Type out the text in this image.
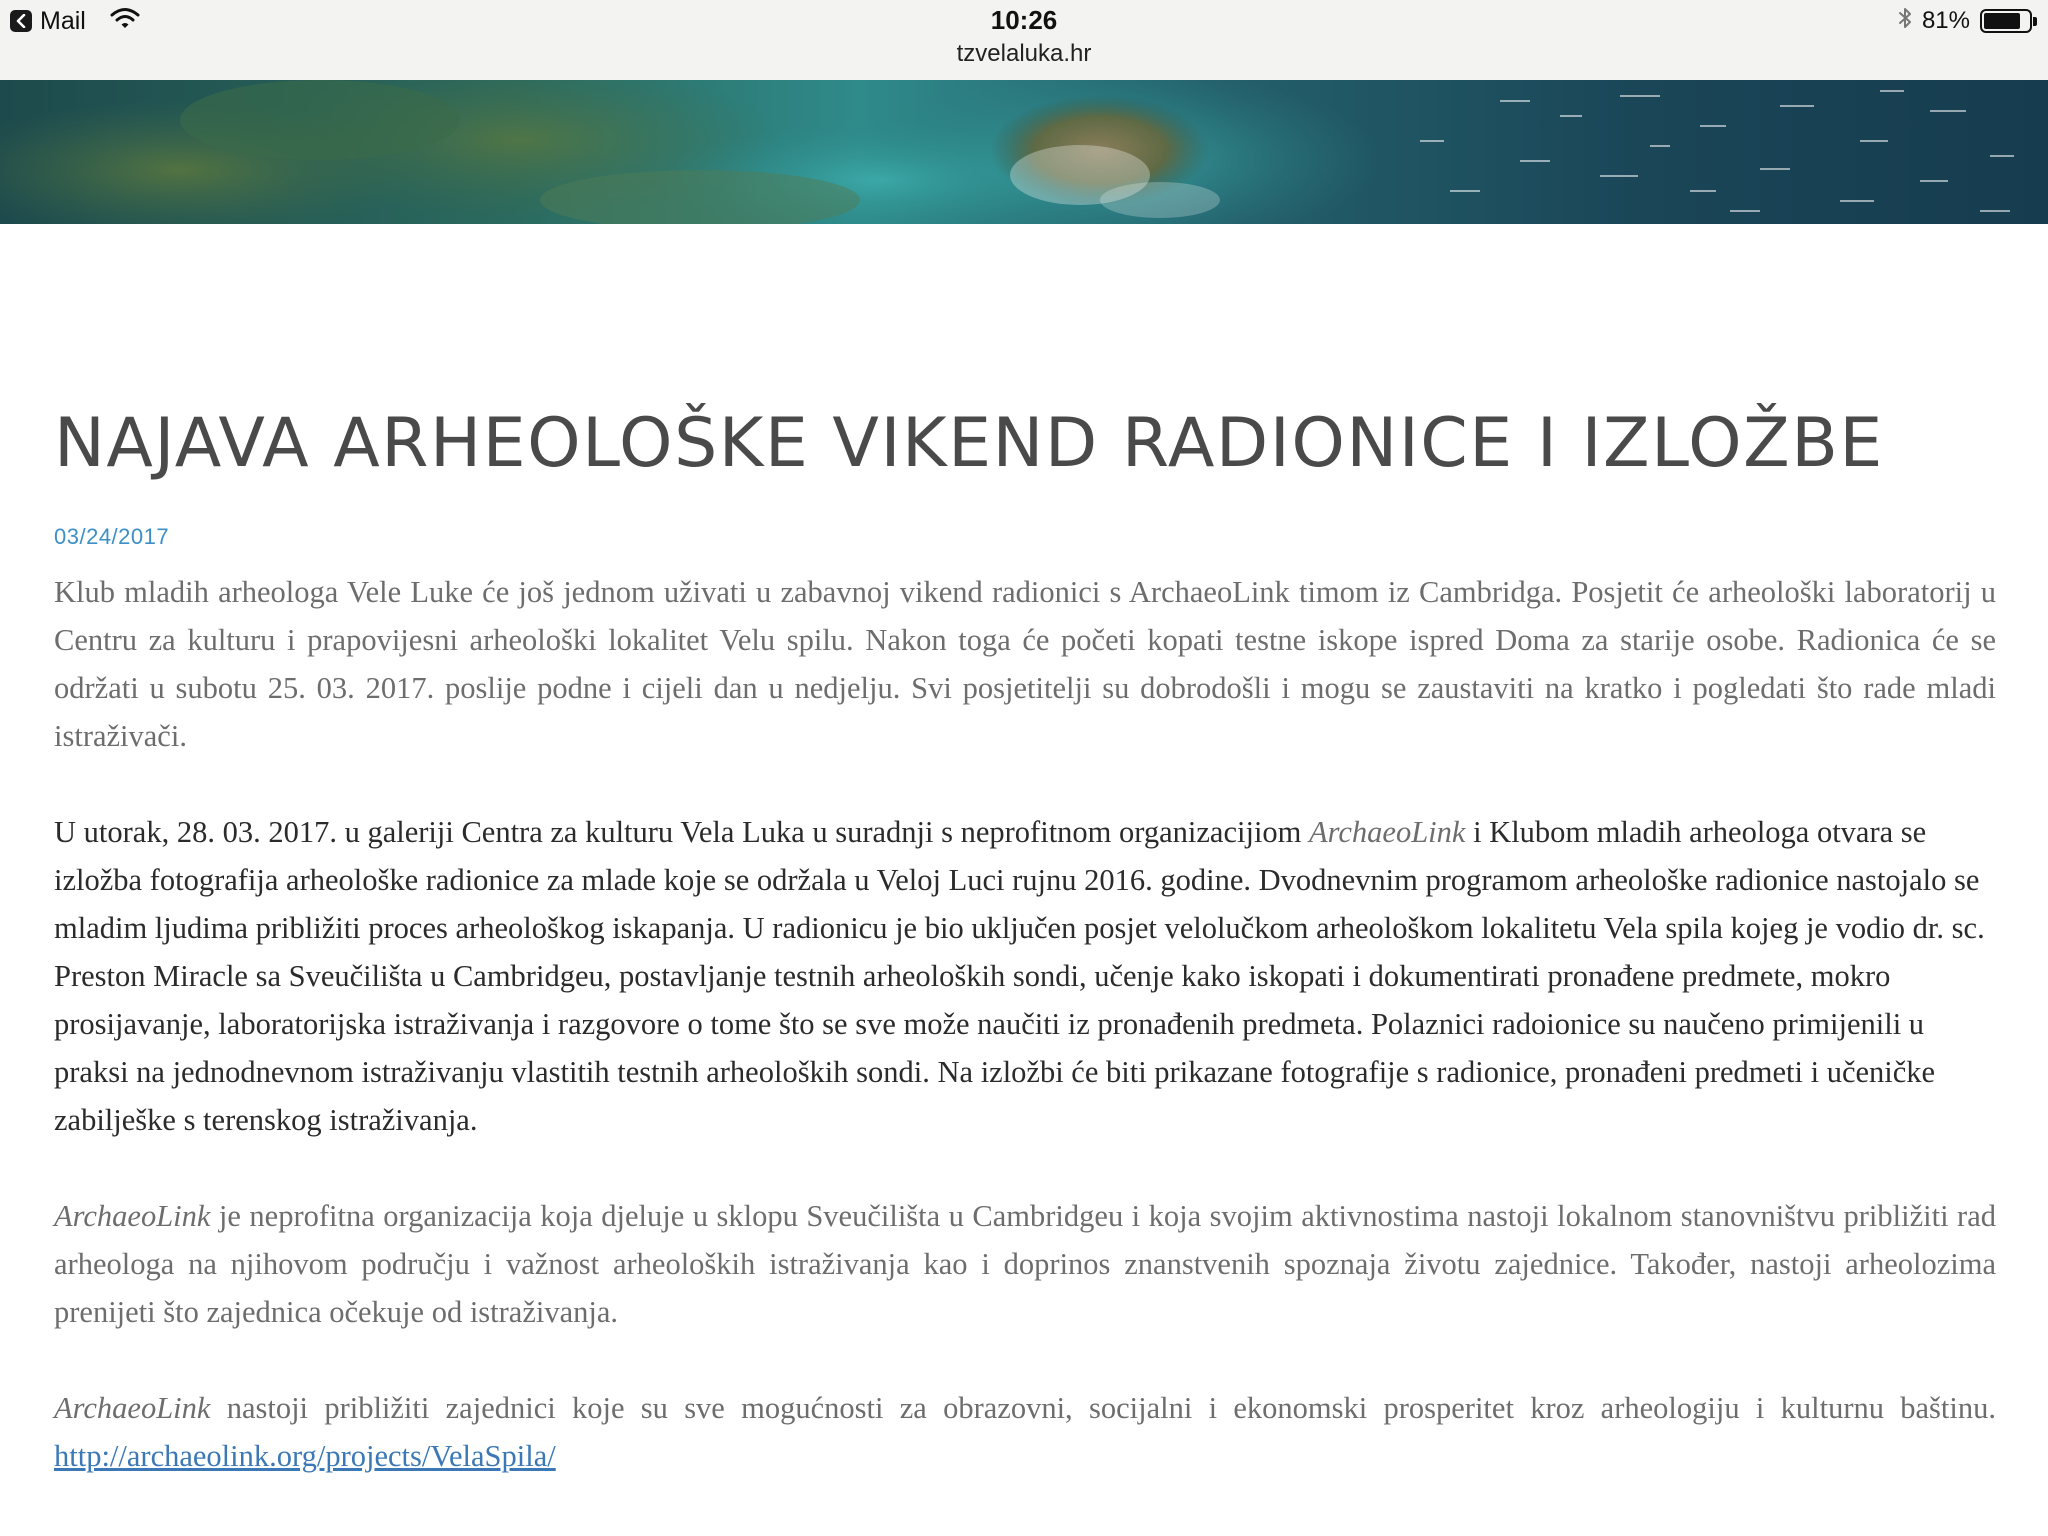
Mail	10:26
tzvelaluka.hr
81%
NAJAVA ARHEOLOŠKE VIKEND RADIONICE I IZLOŽBE
03/24/2017

Klub mladih arheologa Vele Luke će još jednom uživati u zabavnoj vikend radionici s ArchaeoLink timom iz Cambridga. Posjetit će arheološki laboratorij u Centru za kulturu i prapovijesni arheološki lokalitet Velu spilu. Nakon toga će početi kopati testne iskope ispred Doma za starije osobe. Radionica će se održati u subotu 25. 03. 2017. poslije podne i cijeli dan u nedjelju. Svi posjetitelji su dobrodošli i mogu se zaustaviti na kratko i pogledati što rade mladi istraživači.

U utorak, 28. 03. 2017. u galeriji Centra za kulturu Vela Luka u suradnji s neprofitnom organizacijiom ArchaeoLink i Klubom mladih arheologa otvara se izložba fotografija arheološke radionice za mlade koje se održala u Veloj Luci rujnu 2016. godine. Dvodnevnim programom arheološke radionice nastojalo se mladim ljudima približiti proces arheološkog iskapanja. U radionicu je bio uključen posjet velolučkom arheološkom lokalitetu Vela spila kojeg je vodio dr. sc. Preston Miracle sa Sveučilišta u Cambridgeu, postavljanje testnih arheoloških sondi, učenje kako iskopati i dokumentirati pronađene predmete, mokro prosijavanje, laboratorijska istraživanja i razgovore o tome što se sve može naučiti iz pronađenih predmeta. Polaznici radoionice su naučeno primijenili u praksi na jednodnevnom istraživanju vlastitih testnih arheoloških sondi. Na izložbi će biti prikazane fotografije s radionice, pronađeni predmeti i učeničke zabilješke s terenskog istraživanja.

ArchaeoLink je neprofitna organizacija koja djeluje u sklopu Sveučilišta u Cambridgeu i koja svojim aktivnostima nastoji lokalnom stanovništvu približiti rad arheologa na njihovom području i važnost arheoloških istraživanja kao i doprinos znanstvenih spoznaja životu zajednice. Također, nastoji arheolozima prenijeti što zajednica očekuje od istraživanja.

ArchaeoLink nastoji približiti zajednici koje su sve mogućnosti za obrazovni, socijalni i ekonomski prosperitet kroz arheologiju i kulturnu baštinu. http://archaeolink.org/projects/VelaSpila/
